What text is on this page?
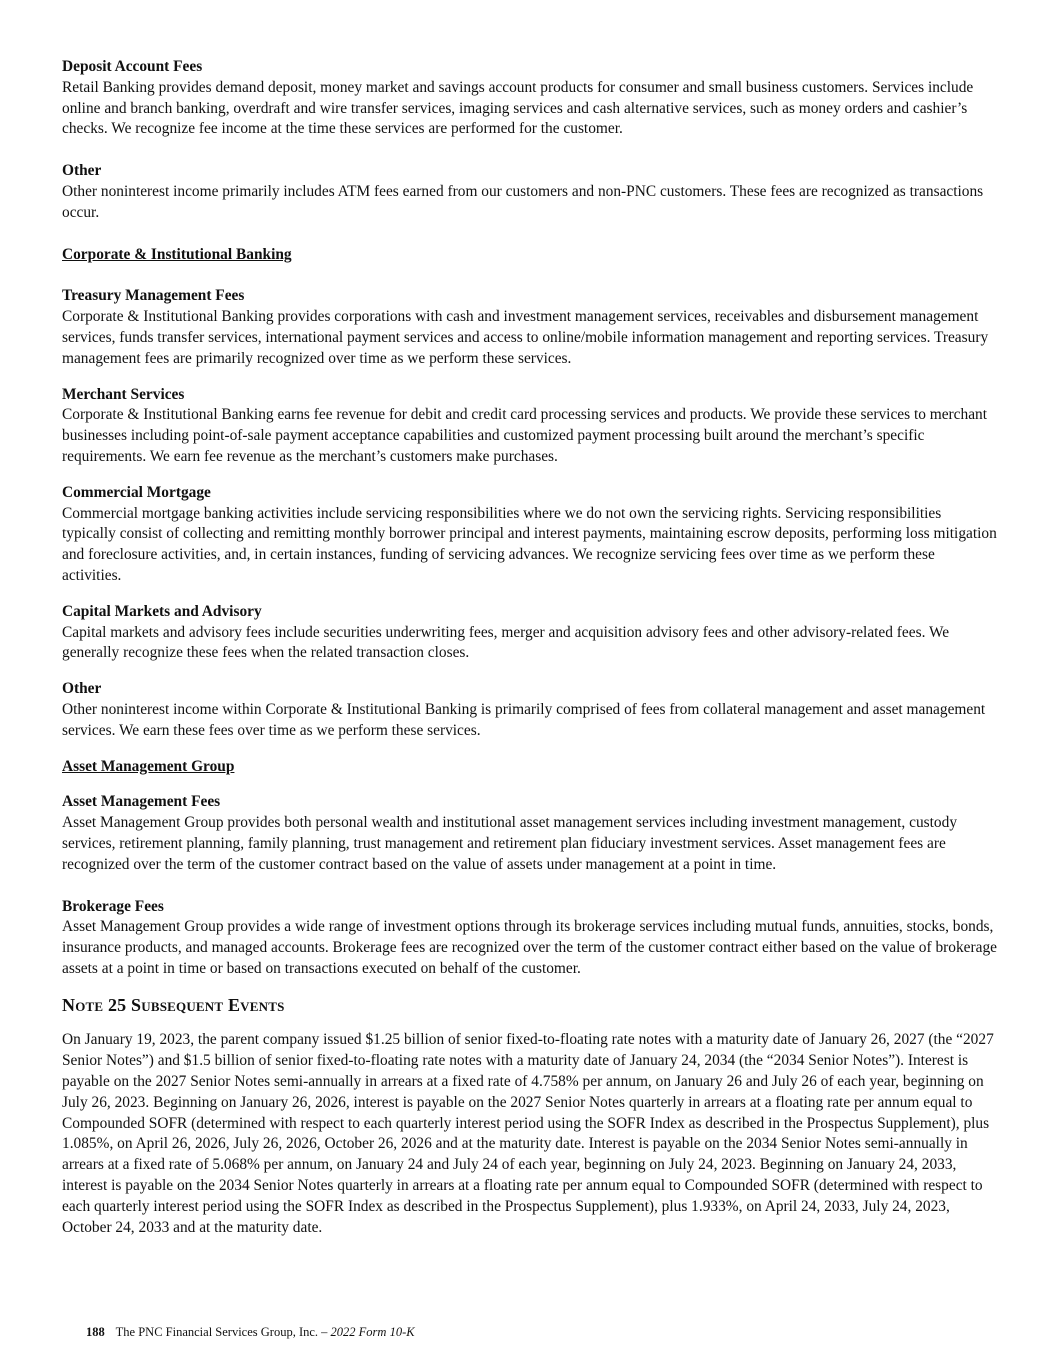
Deposit Account Fees

Retail Banking provides demand deposit, money market and savings account products for consumer and small business customers. Services include online and branch banking, overdraft and wire transfer services, imaging services and cash alternative services, such as money orders and cashier’s checks. We recognize fee income at the time these services are performed for the customer.

Other

Other noninterest income primarily includes ATM fees earned from our customers and non-PNC customers. These fees are recognized as transactions occur.

Corporate & Institutional Banking

Treasury Management Fees

Corporate & Institutional Banking provides corporations with cash and investment management services, receivables and disbursement management services, funds transfer services, international payment services and access to online/mobile information management and reporting services. Treasury management fees are primarily recognized over time as we perform these services.

Merchant Services

Corporate & Institutional Banking earns fee revenue for debit and credit card processing services and products. We provide these services to merchant businesses including point-of-sale payment acceptance capabilities and customized payment processing built around the merchant’s specific requirements. We earn fee revenue as the merchant’s customers make purchases.

Commercial Mortgage

Commercial mortgage banking activities include servicing responsibilities where we do not own the servicing rights. Servicing responsibilities typically consist of collecting and remitting monthly borrower principal and interest payments, maintaining escrow deposits, performing loss mitigation and foreclosure activities, and, in certain instances, funding of servicing advances. We recognize servicing fees over time as we perform these activities.

Capital Markets and Advisory

Capital markets and advisory fees include securities underwriting fees, merger and acquisition advisory fees and other advisory-related fees. We generally recognize these fees when the related transaction closes.

Other

Other noninterest income within Corporate & Institutional Banking is primarily comprised of fees from collateral management and asset management services. We earn these fees over time as we perform these services.

Asset Management Group

Asset Management Fees

Asset Management Group provides both personal wealth and institutional asset management services including investment management, custody services, retirement planning, family planning, trust management and retirement plan fiduciary investment services. Asset management fees are recognized over the term of the customer contract based on the value of assets under management at a point in time.

Brokerage Fees

Asset Management Group provides a wide range of investment options through its brokerage services including mutual funds, annuities, stocks, bonds, insurance products, and managed accounts. Brokerage fees are recognized over the term of the customer contract either based on the value of brokerage assets at a point in time or based on transactions executed on behalf of the customer.

Note 25 Subsequent Events

On January 19, 2023, the parent company issued $1.25 billion of senior fixed-to-floating rate notes with a maturity date of January 26, 2027 (the “2027 Senior Notes”) and $1.5 billion of senior fixed-to-floating rate notes with a maturity date of January 24, 2034 (the “2034 Senior Notes”). Interest is payable on the 2027 Senior Notes semi-annually in arrears at a fixed rate of 4.758% per annum, on January 26 and July 26 of each year, beginning on July 26, 2023. Beginning on January 26, 2026, interest is payable on the 2027 Senior Notes quarterly in arrears at a floating rate per annum equal to Compounded SOFR (determined with respect to each quarterly interest period using the SOFR Index as described in the Prospectus Supplement), plus 1.085%, on April 26, 2026, July 26, 2026, October 26, 2026 and at the maturity date. Interest is payable on the 2034 Senior Notes semi-annually in arrears at a fixed rate of 5.068% per annum, on January 24 and July 24 of each year, beginning on July 24, 2023. Beginning on January 24, 2033, interest is payable on the 2034 Senior Notes quarterly in arrears at a floating rate per annum equal to Compounded SOFR (determined with respect to each quarterly interest period using the SOFR Index as described in the Prospectus Supplement), plus 1.933%, on April 24, 2033, July 24, 2023, October 24, 2033 and at the maturity date.

188 The PNC Financial Services Group, Inc. – 2022 Form 10-K
